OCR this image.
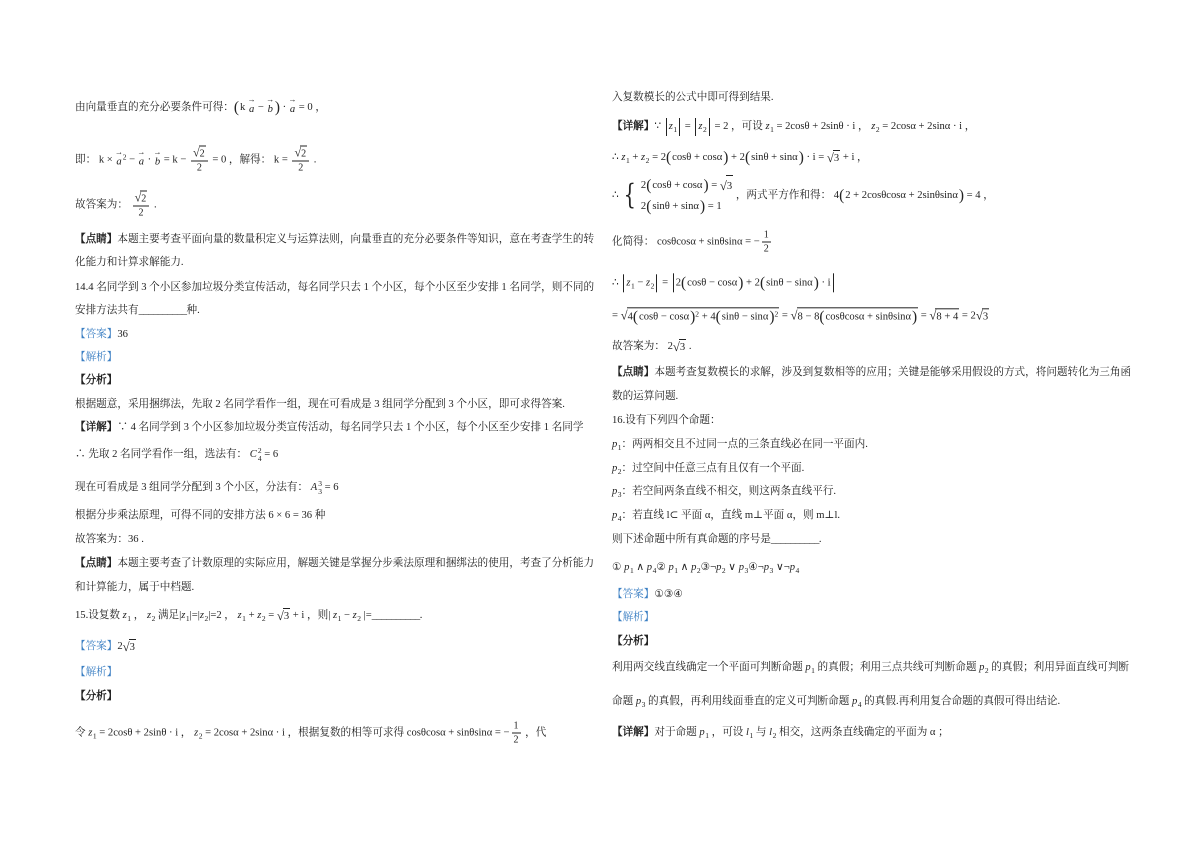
由向量垂直的充分必要条件可得： ( k → a − → b
) · → a = 0 ，
即： k × → a 2 − → a · → b = k − √ $\frac{2}{2} = 0$ ，解得： k = √ $\frac{2}{2}$ .
故答案为： √ $\frac{2}{2}$ .
【点睛】 本题主要考查平面向量的数量积定义与运算法则，向量垂直的充分必要条件等知识，意在考查学生的转
化能力和计算求解能力.
14.4 名同学到 3 个小区参加垃圾分类宣传活动，每名同学只去 1 个小区，每个小区至少安排 1 名同学，则不同的
安排方法共有 __________ 种.
【答案】 36
【解析】
【分析】
根据题意，采用捆绑法，先取 2 名同学看作一组，现在可看成是 3 组同学分配到 3 个小区，即可求得答案.
【详解】 ∵ 4 名同学到 3 个小区参加垃圾分类宣传活动，每名同学只去 1 个小区，每个小区至少安排 1 名同学
∴ 先取 2 名同学看作一组，选法有： C 2
4 = 6
现在可看成是 3 组同学分配到 3 个小区，分法有： A 3
3 = 6
根据分步乘法原理，可得不同的安排方法 6 × 6 = 36 种
故答案为：36 .
【点睛】 本题主要考查了计数原理的实际应用，解题关键是掌握分步乘法原理和捆绑法的使用，考查了分析能力
和计算能力，属于中档题.
15.设复数 z 1 ， z 2 满足| z 1 |=| z 2 |=2 ， z 1 + z 2 = √ 3 + i ，则| z 1 − z 2 |= __________ .
【答案】 2 √ 3
【解析】
【分析】
令 z 1 = 2cosθ + 2sinθ · i ， z 2 = 2cosα + 2sinα · i ，根据复数的相等可求得 cosθcosα + sinθsinα = − $\frac{1}{2}$ ，代
入复数模长的公式中即可得到结果.
【详解】 ∵ z 1 = z 2 = 2 ，可设 z 1 = 2cosθ + 2sinθ · i ， z 2 = 2cosα + 2sinα · i ，
∴ z 1 + z 2 = 2 ( cosθ + cosα
) + 2 ( sinθ + sinα
) · i = √ 3 + i ，
∴
{ 2 ( cosθ + cosα
) = √ 3
2 ( sinθ + sinα
) = 1
，两式平方作和得： 4 ( 2 + 2cosθcosα + 2sinθsinα
) = 4 ，
化简得： cosθcosα + sinθsinα = − $\frac{1}{2}$
∴ z 1 − z 2 = 2 ( cosθ − cosα
) + 2 ( sinθ − sinα
) · i
= √ 4 ( cosθ − cosα
) 2 + 4 ( sinθ − sinα
) 2 = √ 8 − 8 ( cosθcosα + sinθsinα
) = √ 8 + 4 = 2 √ 3
故答案为： 2 √ 3 .
【点睛】 本题考查复数模长的求解，涉及到复数相等的应用；关键是能够采用假设的方式，将问题转化为三角函
数的运算问题.
16.设有下列四个命题：
p 1 ：两两相交且不过同一点的三条直线必在同一平面内.
p 2 ：过空间中任意三点有且仅有一个平面.
p 3 ：若空间两条直线不相交，则这两条直线平行.
p 4 ：若直线 l⊂ 平面 α，直线 m⊥平面 α，则 m⊥l.
则下述命题中所有真命题的序号是 __________ .
① p 1 ∧ p 4 ② p 1 ∧ p 2 ③¬ p 2 ∨ p 3 ④¬ p 3 ∨¬ p 4
【答案】 ①③④
【解析】
【分析】
利用两交线直线确定一个平面可判断命题 p 1 的真假；利用三点共线可判断命题 p 2 的真假；利用异面直线可判断
命题 p 3 的真假，再利用线面垂直的定义可判断命题 p 4 的真假.再利用复合命题的真假可得出结论.
【详解】 对于命题 p 1 ，可设 l 1 与 l 2 相交，这两条直线确定的平面为 α ；
